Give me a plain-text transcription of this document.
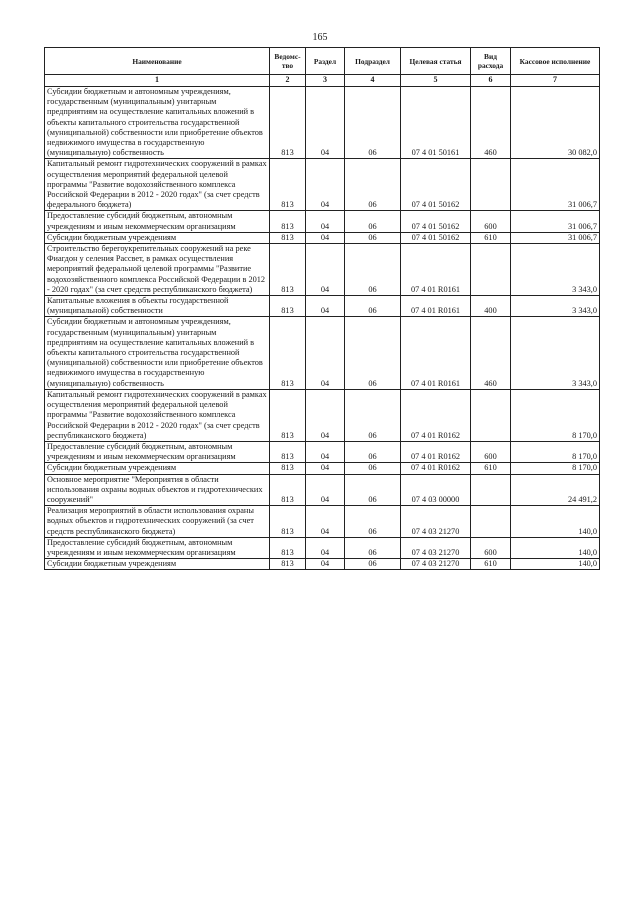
165
Наименование	Ведомс-тво	Раздел	Подраздел	Целевая статья	Вид расхода	Кассовое исполнение
1	2	3	4	5	6	7
Субсидии бюджетным и автономным учреждениям, государственным (муниципальным) унитарным предприятиям на осуществление капитальных вложений в объекты капитального строительства государственной (муниципальной) собственности или приобретение объектов недвижимого имущества в государственную (муниципальную) собственность	813	04	06	07 4 01 50161	460	30 082,0
Капитальный ремонт гидротехнических сооружений в рамках осуществления мероприятий федеральной целевой программы "Развитие водохозяйственного комплекса Российской Федерации в 2012 - 2020 годах" (за счет средств федерального бюджета)	813	04	06	07 4 01 50162		31 006,7
Предоставление субсидий бюджетным, автономным учреждениям и иным некоммерческим организациям	813	04	06	07 4 01 50162	600	31 006,7
Субсидии бюджетным учреждениям	813	04	06	07 4 01 50162	610	31 006,7
Строительство берегоукрепительных сооружений на реке Фиагдон у селения Рассвет, в рамках осуществления мероприятий федеральной целевой программы "Развитие водохозяйственного комплекса Российской Федерации в 2012 - 2020 годах" (за счет средств республиканского бюджета)	813	04	06	07 4 01 R0161		3 343,0
Капитальные вложения в объекты государственной (муниципальной) собственности	813	04	06	07 4 01 R0161	400	3 343,0
Субсидии бюджетным и автономным учреждениям, государственным (муниципальным) унитарным предприятиям на осуществление капитальных вложений в объекты капитального строительства государственной (муниципальной) собственности или приобретение объектов недвижимого имущества в государственную (муниципальную) собственность	813	04	06	07 4 01 R0161	460	3 343,0
Капитальный ремонт гидротехнических сооружений в рамках осуществления мероприятий федеральной целевой программы "Развитие водохозяйственного комплекса Российской Федерации в 2012 - 2020 годах" (за счет средств республиканского бюджета)	813	04	06	07 4 01 R0162		8 170,0
Предоставление субсидий бюджетным, автономным учреждениям и иным некоммерческим организациям	813	04	06	07 4 01 R0162	600	8 170,0
Субсидии бюджетным учреждениям	813	04	06	07 4 01 R0162	610	8 170,0
Основное мероприятие "Мероприятия в области использования охраны водных объектов и гидротехнических сооружений"	813	04	06	07 4 03 00000		24 491,2
Реализация мероприятий в области использования охраны водных объектов и гидротехнических сооружений (за счет средств республиканского бюджета)	813	04	06	07 4 03 21270		140,0
Предоставление субсидий бюджетным, автономным учреждениям и иным некоммерческим организациям	813	04	06	07 4 03 21270	600	140,0
Субсидии бюджетным учреждениям	813	04	06	07 4 03 21270	610	140,0
